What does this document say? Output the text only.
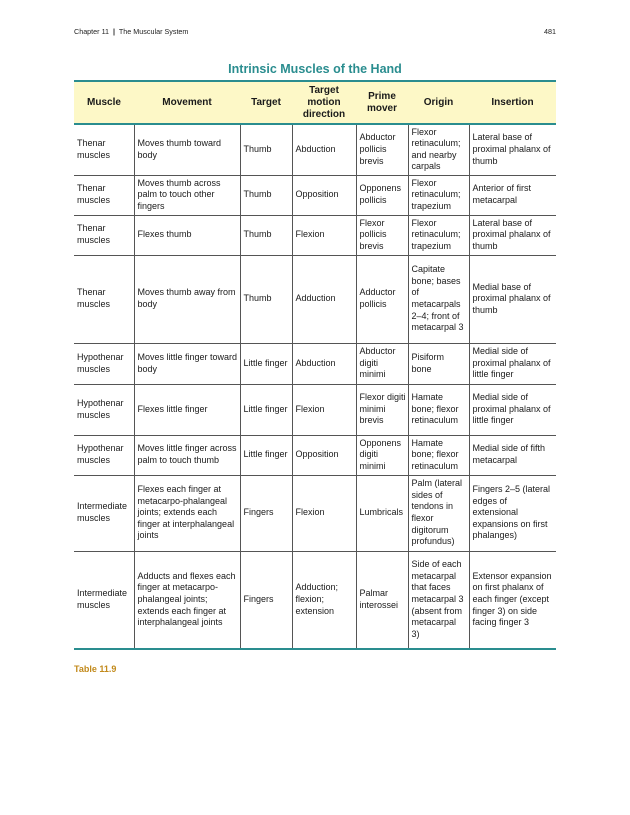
Chapter 11 | The Muscular System	481
Intrinsic Muscles of the Hand
Muscle	Movement	Target	Target motion direction	Prime mover	Origin	Insertion
Thenar muscles	Moves thumb toward body	Thumb	Abduction	Abductor pollicis brevis	Flexor retinaculum; and nearby carpals	Lateral base of proximal phalanx of thumb
Thenar muscles	Moves thumb across palm to touch other fingers	Thumb	Opposition	Opponens pollicis	Flexor retinaculum; trapezium	Anterior of first metacarpal
Thenar muscles	Flexes thumb	Thumb	Flexion	Flexor pollicis brevis	Flexor retinaculum; trapezium	Lateral base of proximal phalanx of thumb
Thenar muscles	Moves thumb away from body	Thumb	Adduction	Adductor pollicis	Capitate bone; bases of metacarpals 2–4; front of metacarpal 3	Medial base of proximal phalanx of thumb
Hypothenar muscles	Moves little finger toward body	Little finger	Abduction	Abductor digiti minimi	Pisiform bone	Medial side of proximal phalanx of little finger
Hypothenar muscles	Flexes little finger	Little finger	Flexion	Flexor digiti minimi brevis	Hamate bone; flexor retinaculum	Medial side of proximal phalanx of little finger
Hypothenar muscles	Moves little finger across palm to touch thumb	Little finger	Opposition	Opponens digiti minimi	Hamate bone; flexor retinaculum	Medial side of fifth metacarpal
Intermediate muscles	Flexes each finger at metacarpo-phalangeal joints; extends each finger at interphalangeal joints	Fingers	Flexion	Lumbricals	Palm (lateral sides of tendons in flexor digitorum profundus)	Fingers 2–5 (lateral edges of extensional expansions on first phalanges)
Intermediate muscles	Adducts and flexes each finger at metacarpo-phalangeal joints; extends each finger at interphalangeal joints	Fingers	Adduction; flexion; extension	Palmar interossei	Side of each metacarpal that faces metacarpal 3 (absent from metacarpal 3)	Extensor expansion on first phalanx of each finger (except finger 3) on side facing finger 3
Table 11.9
